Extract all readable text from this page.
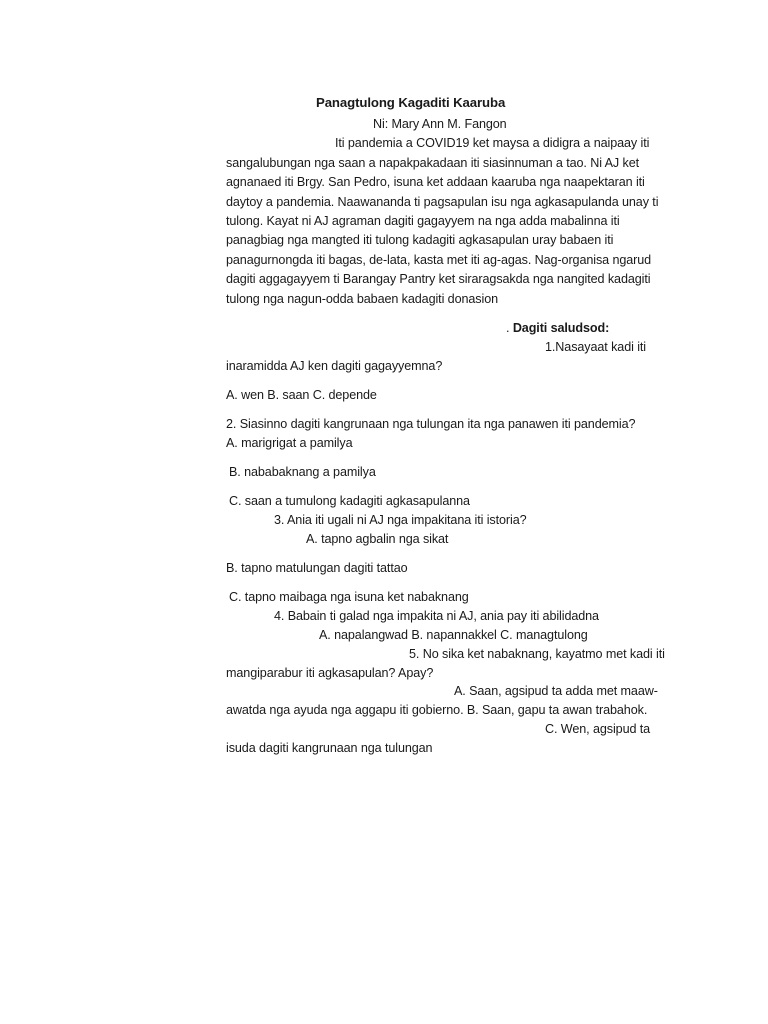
Panagtulong Kagaditi Kaaruba
Ni: Mary Ann M. Fangon
Iti pandemia a COVID19 ket maysa a didigra a naipaay iti
sangalubungan nga saan a napakpakadaan iti siasinnuman a tao. Ni AJ ket
agnanaed iti Brgy. San Pedro, isuna ket addaan kaaruba nga naapektaran iti
daytoy a pandemia. Naawananda ti pagsapulan isu nga agkasapulanda unay ti
tulong. Kayat ni AJ agraman dagiti gagayyem na nga adda mabalinna iti
panagbiag nga mangted iti tulong kadagiti agkasapulan uray babaen iti
panagurnongda iti bagas, de-lata, kasta met iti ag-agas. Nag-organisa ngarud
dagiti aggagayyem ti Barangay Pantry ket siraragsakda nga nangited kadagiti
tulong nga nagun-odda babaen kadagiti donasion
. Dagiti saludsod:
1.Nasayaat kadi iti
inaramidda AJ ken dagiti gagayyemna?
A. wen B. saan C. depende
2. Siasinno dagiti kangrunaan nga tulungan ita nga panawen iti pandemia?
A. marigrigat a pamilya
B. nababaknang a pamilya
C. saan a tumulong kadagiti agkasapulanna
3. Ania iti ugali ni AJ nga impakitana iti istoria?
A. tapno agbalin nga sikat
B. tapno matulungan dagiti tattao
C. tapno maibaga nga isuna ket nabaknang
4. Babain ti galad nga impakita ni AJ, ania pay iti abilidadna
A. napalangwad B. napannakkel C. managtulong
5. No sika ket nabaknang, kayatmo met kadi iti
mangiparabur iti agkasapulan? Apay?
A. Saan, agsipud ta adda met maaw-
awatda nga ayuda nga aggapu iti gobierno. B. Saan, gapu ta awan trabahok.
C. Wen, agsipud ta
isuda dagiti kangrunaan nga tulungan
